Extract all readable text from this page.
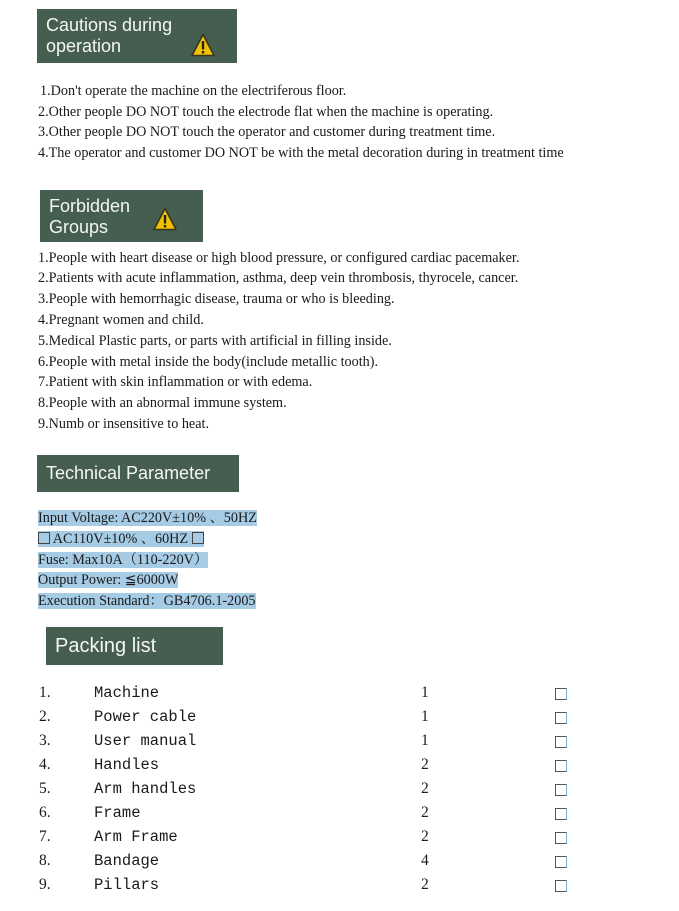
Cautions during
operation
1.Don't operate the machine on the electriferous floor.
2.Other people DO NOT touch the electrode flat when the machine is operating.
3.Other people DO NOT touch the operator and customer during treatment time.
4.The operator and customer DO NOT be with the metal decoration during in treatment time
Forbidden
Groups
1.People with heart disease or high blood pressure, or configured cardiac pacemaker.
2.Patients with acute inflammation, asthma, deep vein thrombosis, thyrocele, cancer.
3.People with hemorrhagic disease, trauma or who is bleeding.
4.Pregnant women and child.
5.Medical Plastic parts, or parts with artificial in filling inside.
6.People with metal inside the body(include metallic tooth).
7.Patient with skin inflammation or with edema.
8.People with an abnormal immune system.
9.Numb or insensitive to heat.
Technical Parameter
Input Voltage: AC220V±10% 、50HZ
AC110V±10% 、60HZ
Fuse: Max10A（110-220V）
Output Power: ≦6000W
Execution Standard：GB4706.1-2005
Packing list
1.	Machine	1
2.	Power cable	1
3.	User manual	1
4.	Handles	2
5.	Arm handles	2
6.	Frame	2
7.	Arm Frame	2
8.	Bandage	4
9.	Pillars	2
